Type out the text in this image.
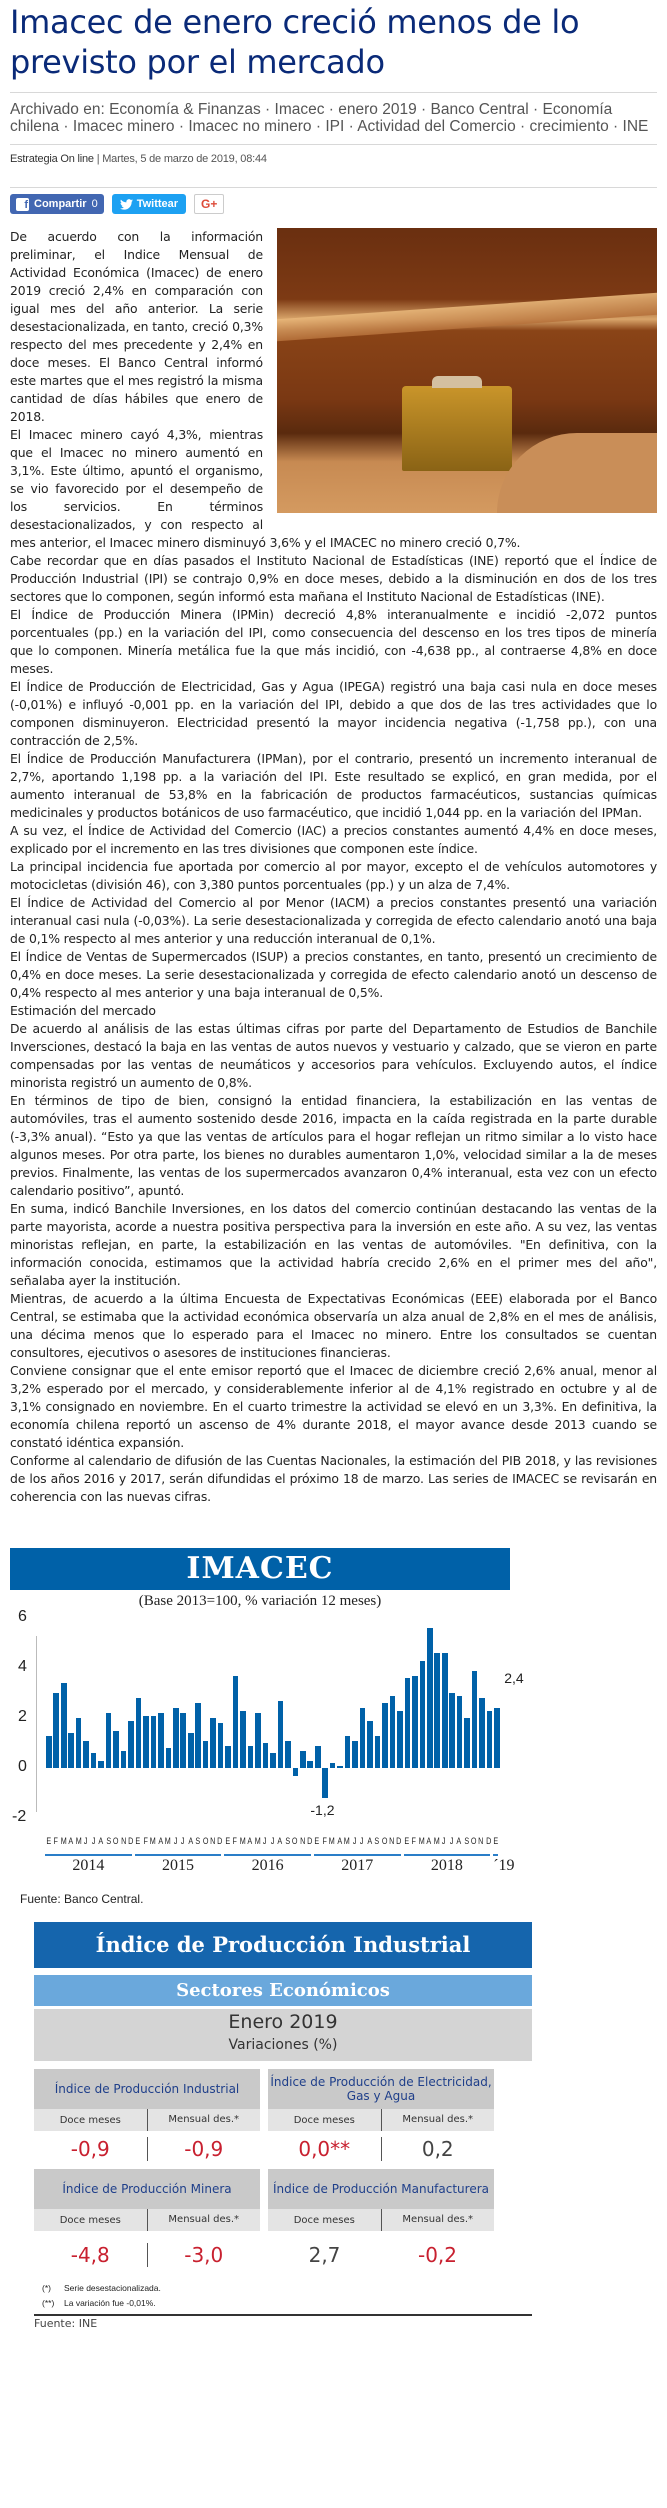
Imacec de enero creció menos de lo previsto por el mercado
Archivado en: Economía & Finanzas · Imacec · enero 2019 · Banco Central · Economía chilena · Imacec minero · Imacec no minero · IPI · Actividad del Comercio · crecimiento · INE
Estrategia On line | Martes, 5 de marzo de 2019, 08:44
f Compartir 0	Twittear G+

De acuerdo con la información preliminar, el Indice Mensual de Actividad Económica (Imacec) de enero 2019 creció 2,4% en comparación con igual mes del año anterior. La serie desestacionalizada, en tanto, creció 0,3% respecto del mes precedente y 2,4% en doce meses. El Banco Central informó este martes que el mes registró la misma cantidad de días hábiles que enero de 2018.

El Imacec minero cayó 4,3%, mientras que el Imacec no minero aumentó en 3,1%. Este último, apuntó el organismo, se vio favorecido por el desempeño de los servicios. En términos desestacionalizados, y con respecto al mes anterior, el Imacec minero disminuyó 3,6% y el IMACEC no minero creció 0,7%.

Cabe recordar que en días pasados el Instituto Nacional de Estadísticas (INE) reportó que el Índice de Producción Industrial (IPI) se contrajo 0,9% en doce meses, debido a la disminución en dos de los tres sectores que lo componen, según informó esta mañana el Instituto Nacional de Estadísticas (INE).

El Índice de Producción Minera (IPMin) decreció 4,8% interanualmente e incidió -2,072 puntos porcentuales (pp.) en la variación del IPI, como consecuencia del descenso en los tres tipos de minería que lo componen. Minería metálica fue la que más incidió, con -4,638 pp., al contraerse 4,8% en doce meses.

El Índice de Producción de Electricidad, Gas y Agua (IPEGA) registró una baja casi nula en doce meses (-0,01%) e influyó -0,001 pp. en la variación del IPI, debido a que dos de las tres actividades que lo componen disminuyeron. Electricidad presentó la mayor incidencia negativa (-1,758 pp.), con una contracción de 2,5%.

El Índice de Producción Manufacturera (IPMan), por el contrario, presentó un incremento interanual de 2,7%, aportando 1,198 pp. a la variación del IPI. Este resultado se explicó, en gran medida, por el aumento interanual de 53,8% en la fabricación de productos farmacéuticos, sustancias químicas medicinales y productos botánicos de uso farmacéutico, que incidió 1,044 pp. en la variación del IPMan.

A su vez, el Índice de Actividad del Comercio (IAC) a precios constantes aumentó 4,4% en doce meses, explicado por el incremento en las tres divisiones que componen este índice.

La principal incidencia fue aportada por comercio al por mayor, excepto el de vehículos automotores y motocicletas (división 46), con 3,380 puntos porcentuales (pp.) y un alza de 7,4%.

El Índice de Actividad del Comercio al por Menor (IACM) a precios constantes presentó una variación interanual casi nula (-0,03%). La serie desestacionalizada y corregida de efecto calendario anotó una baja de 0,1% respecto al mes anterior y una reducción interanual de 0,1%.

El Índice de Ventas de Supermercados (ISUP) a precios constantes, en tanto, presentó un crecimiento de 0,4% en doce meses. La serie desestacionalizada y corregida de efecto calendario anotó un descenso de 0,4% respecto al mes anterior y una baja interanual de 0,5%.

Estimación del mercado

De acuerdo al análisis de las estas últimas cifras por parte del Departamento de Estudios de Banchile Inversciones, destacó la baja en las ventas de autos nuevos y vestuario y calzado, que se vieron en parte compensadas por las ventas de neumáticos y accesorios para vehículos. Excluyendo autos, el índice minorista registró un aumento de 0,8%.

En términos de tipo de bien, consignó la entidad financiera, la estabilización en las ventas de automóviles, tras el aumento sostenido desde 2016, impacta en la caída registrada en la parte durable (-3,3% anual). “Esto ya que las ventas de artículos para el hogar reflejan un ritmo similar a lo visto hace algunos meses. Por otra parte, los bienes no durables aumentaron 1,0%, velocidad similar a la de meses previos. Finalmente, las ventas de los supermercados avanzaron 0,4% interanual, esta vez con un efecto calendario positivo”, apuntó.

En suma, indicó Banchile Inversiones, en los datos del comercio continúan destacando las ventas de la parte mayorista, acorde a nuestra positiva perspectiva para la inversión en este año. A su vez, las ventas minoristas reflejan, en parte, la estabilización en las ventas de automóviles. "En definitiva, con la información conocida, estimamos que la actividad habría crecido 2,6% en el primer mes del año", señalaba ayer la institución.

Mientras, de acuerdo a la última Encuesta de Expectativas Económicas (EEE) elaborada por el Banco Central, se estimaba que la actividad económica observaría un alza anual de 2,8% en el mes de análisis, una décima menos que lo esperado para el Imacec no minero. Entre los consultados se cuentan consultores, ejecutivos o asesores de instituciones financieras.

Conviene consignar que el ente emisor reportó que el Imacec de diciembre creció 2,6% anual, menor al 3,2% esperado por el mercado, y considerablemente inferior al de 4,1% registrado en octubre y al de 3,1% consignado en noviembre. En el cuarto trimestre la actividad se elevó en un 3,3%. En definitiva, la economía chilena reportó un ascenso de 4% durante 2018, el mayor avance desde 2013 cuando se constató idéntica expansión.

Conforme al calendario de difusión de las Cuentas Nacionales, la estimación del PIB 2018, y las revisiones de los años 2016 y 2017, serán difundidas el próximo 18 de marzo. Las series de IMACEC se revisarán en coherencia con las nuevas cifras.

IMACEC
(Base 2013=100, % variación 12 meses)
6
4
2
0
-2
2,4
-1,2
E F M A M J J A S O N D E F M A M J J A S O N D E F M A M J J A S O N D E F M A M J J A S O N D E F M A M J J A S O N D E
2014	2015	2016	2017	2018	´19
Fuente: Banco Central.
Índice de Producción Industrial
Sectores Económicos
Enero 2019
Variaciones (%)
Índice de Producción Industrial
Doce meses	Mensual des.*
-0,9	-0,9
Índice de Producción de Electricidad, Gas y Agua
Doce meses	Mensual des.*
0,0**	0,2
Índice de Producción Minera
Doce meses	Mensual des.*
-4,8	-3,0
Índice de Producción Manufacturera
Doce meses	Mensual des.*
2,7	-0,2
(*) Serie desestacionalizada.
(**) La variación fue -0,01%.
Fuente: INE
